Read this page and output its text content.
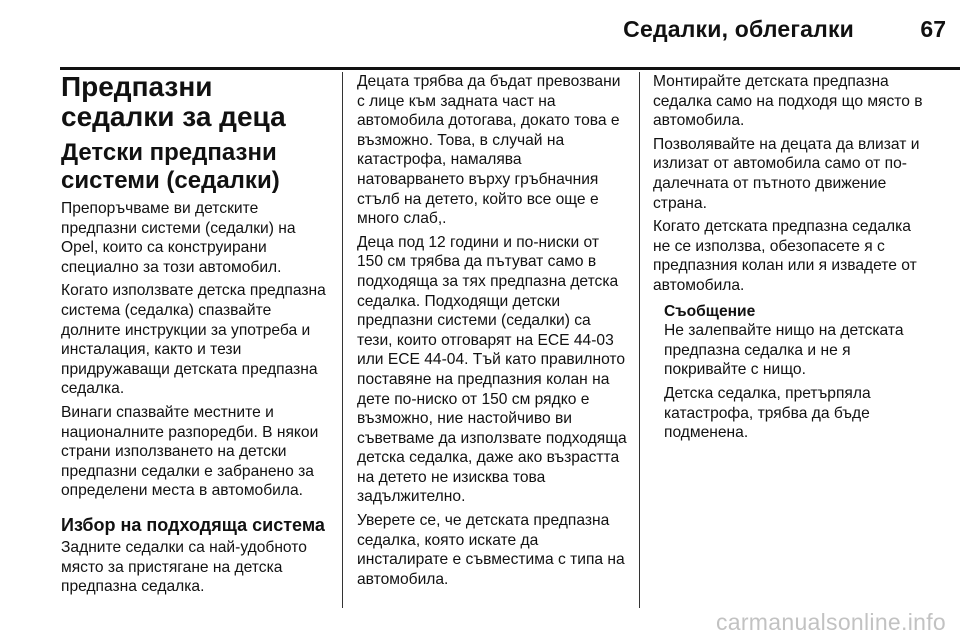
Седалки, облегалки	67
Предпазни седалки за деца
Детски предпазни системи (седалки)

Препоръчваме ви детските предпазни системи (седалки) на Opel, които са конструирани специално за този автомобил.

Когато използвате детска предпазна система (седалка) спазвайте долните инструкции за употреба и инсталация, както и тези придружаващи детската предпазна седалка.

Винаги спазвайте местните и националните разпоредби. В някои страни използването на детски предпазни седалки е забранено за определени места в автомобила.

Избор на подходяща система

Задните седалки са най-удобното място за пристягане на детска предпазна седалка.

Децата трябва да бъдат превозвани с лице към задната част на автомобила дотогава, докато това е възможно. Това, в случай на катастрофа, намалява натоварването върху гръбначния стълб на детето, който все още е много слаб,.

Деца под 12 години и по-ниски от 150 см трябва да пътуват само в подходяща за тях предпазна детска седалка. Подходящи детски предпазни системи (седалки) са тези, които отговарят на ECE 44-03 или ECE 44-04. Тъй като правилното поставяне на предпазния колан на дете по-ниско от 150 см рядко е възможно, ние настойчиво ви съветваме да използвате подходяща детска седалка, даже ако възрастта на детето не изисква това задължително.

Уверете се, че детската предпазна седалка, която искате да инсталирате е съвместима с типа на автомобила.

Монтирайте детската предпазна седалка само на подходя що място в автомобила.

Позволявайте на децата да влизат и излизат от автомобила само от по-далечната от пътното движение страна.

Когато детската предпазна седалка не се използва, обезопасете я с предпазния колан или я извадете от автомобила.

Съобщение

Не залепвайте нищо на детската предпазна седалка и не я покривайте с нищо.

Детска седалка, претърпяла катастрофа, трябва да бъде подменена.

carmanualsonline.info
